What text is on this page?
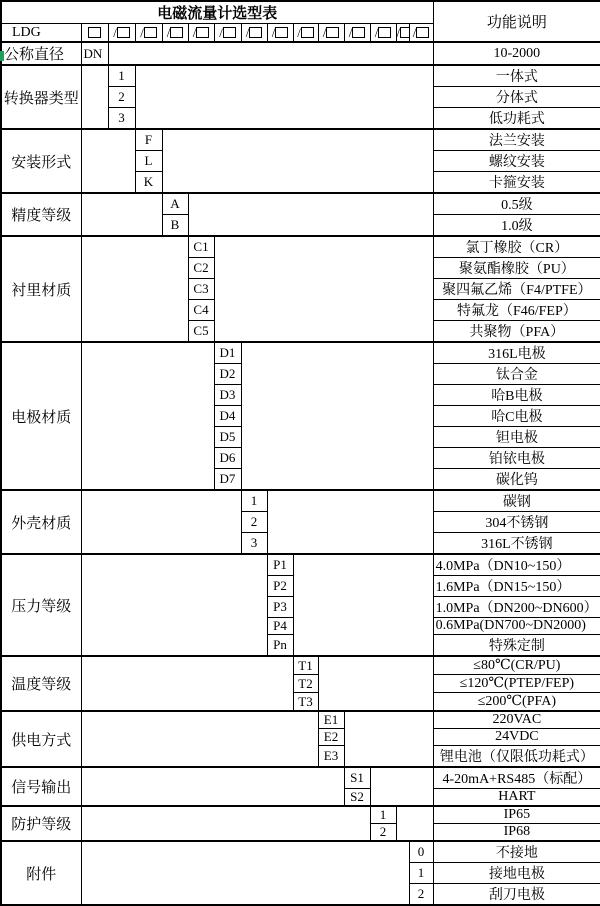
电磁流量计选型表															功能说明
LDG		/	/	/	/	/	/	/	/	/	/	/	/	/	
公称直径	DN														10-2000
转换器类型		1													一体式
		2													分体式
		3													低功耗式
安装形式			F												法兰安装
			L												螺纹安装
			K												卡箍安装
精度等级				A											0.5级
				B											1.0级
衬里材质					C1										氯丁橡胶（CR）
					C2										聚氨酯橡胶（PU）
					C3										聚四氟乙烯（F4/PTFE）
					C4										特氟龙（F46/FEP）
					C5										共聚物（PFA）
电极材质						D1									316L电极
						D2									钛合金
						D3									哈B电极
						D4									哈C电极
						D5									钽电极
						D6									铂铱电极
						D7									碳化钨
外壳材质							1								碳钢
							2								304不锈钢
							3								316L不锈钢
压力等级								P1							4.0MPa（DN10~150）
								P2							1.6MPa（DN15~150）
								P3							1.0MPa（DN200~DN600）
								P4							0.6MPa(DN700~DN2000)
								Pn							特殊定制
温度等级									T1						≤80℃(CR/PU)
									T2						≤120℃(PTEP/FEP)
									T3						≤200℃(PFA)
供电方式										E1					220VAC
										E2					24VDC
										E3					锂电池（仅限低功耗式）
信号输出											S1				4-20mA+RS485（标配）
											S2				HART
防护等级												1			IP65
												2			IP68
附件														0	不接地
														1	接地电极
														2	刮刀电极
